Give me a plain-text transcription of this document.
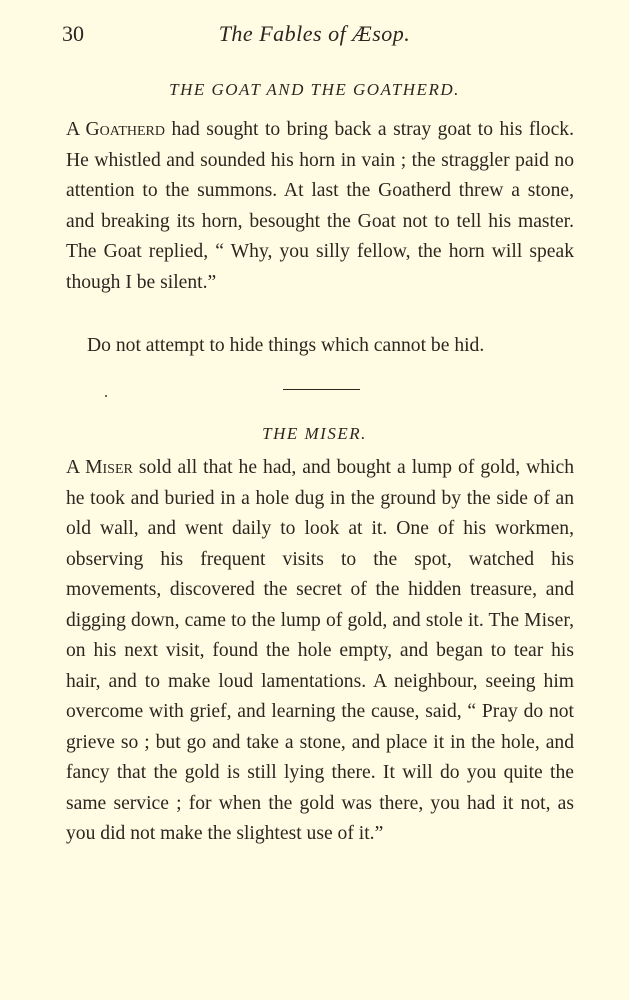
30	The Fables of Æsop.
THE GOAT AND THE GOATHERD.

A Goatherd had sought to bring back a stray goat to his flock. He whistled and sounded his horn in vain ; the straggler paid no attention to the summons. At last the Goatherd threw a stone, and breaking its horn, besought the Goat not to tell his master. The Goat replied, “ Why, you silly fellow, the horn will speak though I be silent.”

Do not attempt to hide things which cannot be hid.

THE MISER.

A Miser sold all that he had, and bought a lump of gold, which he took and buried in a hole dug in the ground by the side of an old wall, and went daily to look at it. One of his workmen, observing his frequent visits to the spot, watched his movements, discovered the secret of the hidden treasure, and digging down, came to the lump of gold, and stole it. The Miser, on his next visit, found the hole empty, and began to tear his hair, and to make loud lamentations. A neighbour, seeing him overcome with grief, and learning the cause, said, “ Pray do not grieve so ; but go and take a stone, and place it in the hole, and fancy that the gold is still lying there. It will do you quite the same service ; for when the gold was there, you had it not, as you did not make the slightest use of it.”
